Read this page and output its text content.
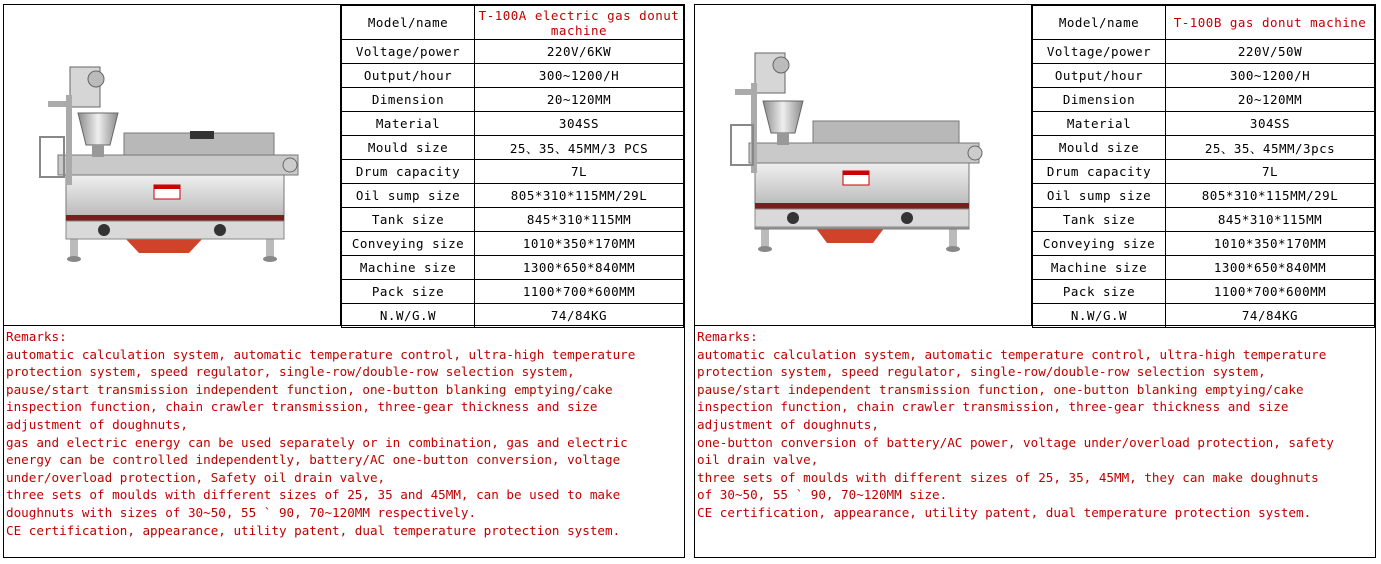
Model/name	T-100A electric gas donut machine
Voltage/power	220V/6KW
Output/hour	300~1200/H
Dimension	20~120MM
Material	304SS
Mould size	25、35、45MM/3 PCS
Drum capacity	7L
Oil sump size	805*310*115MM/29L
Tank size	845*310*115MM
Conveying size	1010*350*170MM
Machine size	1300*650*840MM
Pack size	1100*700*600MM
N.W/G.W	74/84KG
Remarks:
automatic calculation system, automatic temperature control, ultra-high temperature
protection system, speed regulator, single-row/double-row selection system,
pause/start transmission independent function, one-button blanking emptying/cake
inspection function, chain crawler transmission, three-gear thickness and size
adjustment of doughnuts,
gas and electric energy can be used separately or in combination, gas and electric
energy can be controlled independently, battery/AC one-button conversion, voltage
under/overload protection, Safety oil drain valve,
three sets of moulds with different sizes of 25, 35 and 45MM, can be used to make
doughnuts with sizes of 30~50, 55 ` 90, 70~120MM respectively.
CE certification, appearance, utility patent, dual temperature protection system.
Model/name	T-100B gas donut machine
Voltage/power	220V/50W
Output/hour	300~1200/H
Dimension	20~120MM
Material	304SS
Mould size	25、35、45MM/3pcs
Drum capacity	7L
Oil sump size	805*310*115MM/29L
Tank size	845*310*115MM
Conveying size	1010*350*170MM
Machine size	1300*650*840MM
Pack size	1100*700*600MM
N.W/G.W	74/84KG
Remarks:
automatic calculation system, automatic temperature control, ultra-high temperature
protection system, speed regulator, single-row/double-row selection system,
pause/start independent transmission function, one-button blanking emptying/cake
inspection function, chain crawler transmission, three-gear thickness and size
adjustment of doughnuts,
one-button conversion of battery/AC power, voltage under/overload protection, safety
oil drain valve,
three sets of moulds with different sizes of 25, 35, 45MM, they can make doughnuts
of 30~50, 55 ` 90, 70~120MM size.
CE certification, appearance, utility patent, dual temperature protection system.
